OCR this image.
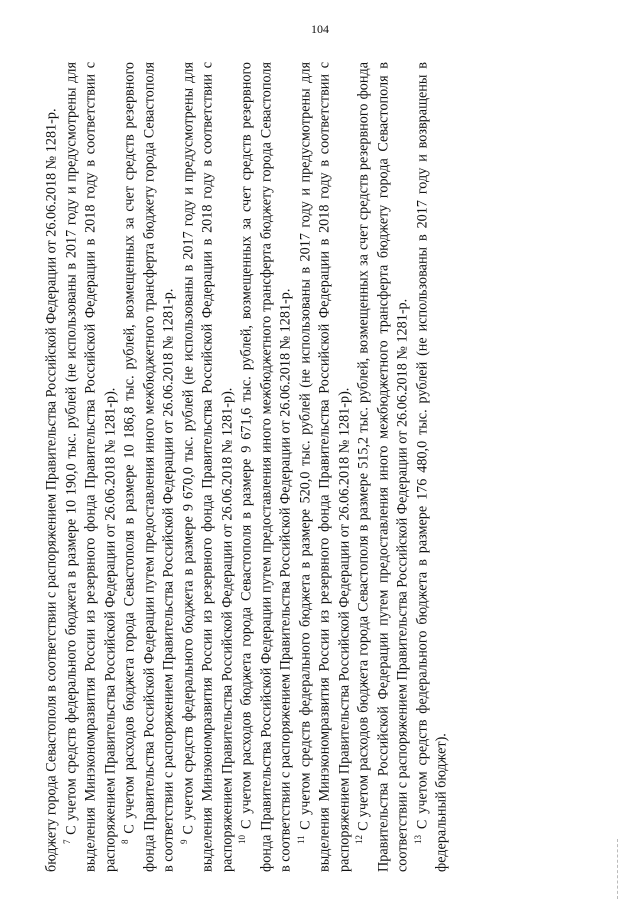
104

бюджету города Севастополя в соответствии с распоряжением Правительства Российской Федерации от 26.06.2018 № 1281-р. $^7$ С учетом средств федерального бюджета в размере 10 190,0 тыс. рублей (не использованы в 2017 году и предусмотрены для выделения Минэкономразвития России из резервного фонда Правительства Российской Федерации в 2018 году в соответствии с распоряжением Правительства Российской Федерации от 26.06.2018 № 1281-р). $^8$ С учетом расходов бюджета города Севастополя в размере 10 186,8 тыс. рублей, возмещенных за счет средств резервного фонда Правительства Российской Федерации путем предоставления иного межбюджетного трансферта бюджету города Севастополя в соответствии с распоряжением Правительства Российской Федерации от 26.06.2018 № 1281-р. $^9$ С учетом средств федерального бюджета в размере 9 670,0 тыс. рублей (не использованы в 2017 году и предусмотрены для выделения Минэкономразвития России из резервного фонда Правительства Российской Федерации в 2018 году в соответствии с распоряжением Правительства Российской Федерации от 26.06.2018 № 1281-р). $^{10}$ С учетом расходов бюджета города Севастополя в размере 9 671,6 тыс. рублей, возмещенных за счет средств резервного фонда Правительства Российской Федерации путем предоставления иного межбюджетного трансферта бюджету города Севастополя в соответствии с распоряжением Правительства Российской Федерации от 26.06.2018 № 1281-р. $^{11}$ С учетом средств федерального бюджета в размере 520,0 тыс. рублей (не использованы в 2017 году и предусмотрены для выделения Минэкономразвития России из резервного фонда Правительства Российской Федерации в 2018 году в соответствии с распоряжением Правительства Российской Федерации от 26.06.2018 № 1281-р). $^{12}$ С учетом расходов бюджета города Севастополя в размере 515,2 тыс. рублей, возмещенных за счет средств резервного фонда Правительства Российской Федерации путем предоставления иного межбюджетного трансферта бюджету города Севастополя в соответствии с распоряжением Правительства Российской Федерации от 26.06.2018 № 1281-р. $^{13}$ С учетом средств федерального бюджета в размере 176 480,0 тыс. рублей (не использованы в 2017 году и возвращены в федеральный бюджет).
